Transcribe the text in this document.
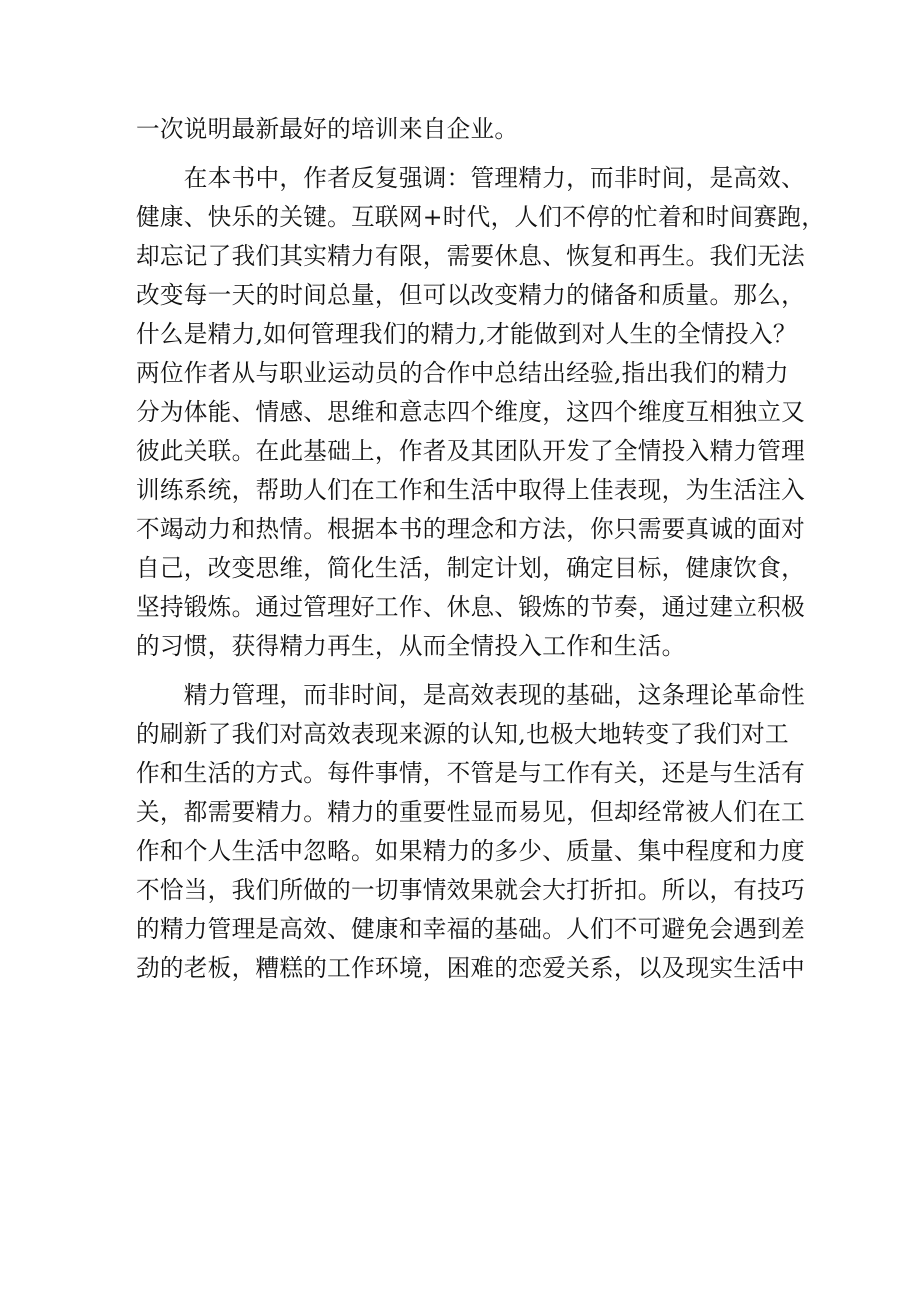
一次说明最新最好的培训来自企业。
　　在本书中，作者反复强调：管理精力，而非时间，是高效、
健康、快乐的关键。互联网+时代，人们不停的忙着和时间赛跑，
却忘记了我们其实精力有限，需要休息、恢复和再生。我们无法
改变每一天的时间总量，但可以改变精力的储备和质量。那么，
什么是精力,如何管理我们的精力,才能做到对人生的全情投入？
两位作者从与职业运动员的合作中总结出经验,指出我们的精力
分为体能、情感、思维和意志四个维度，这四个维度互相独立又
彼此关联。在此基础上，作者及其团队开发了全情投入精力管理
训练系统，帮助人们在工作和生活中取得上佳表现，为生活注入
不竭动力和热情。根据本书的理念和方法，你只需要真诚的面对
自己，改变思维，简化生活，制定计划，确定目标，健康饮食，
坚持锻炼。通过管理好工作、休息、锻炼的节奏，通过建立积极
的习惯，获得精力再生，从而全情投入工作和生活。
　　精力管理，而非时间，是高效表现的基础，这条理论革命性
的刷新了我们对高效表现来源的认知,也极大地转变了我们对工
作和生活的方式。每件事情，不管是与工作有关，还是与生活有
关，都需要精力。精力的重要性显而易见，但却经常被人们在工
作和个人生活中忽略。如果精力的多少、质量、集中程度和力度
不恰当，我们所做的一切事情效果就会大打折扣。所以，有技巧
的精力管理是高效、健康和幸福的基础。人们不可避免会遇到差
劲的老板，糟糕的工作环境，困难的恋爱关系，以及现实生活中
